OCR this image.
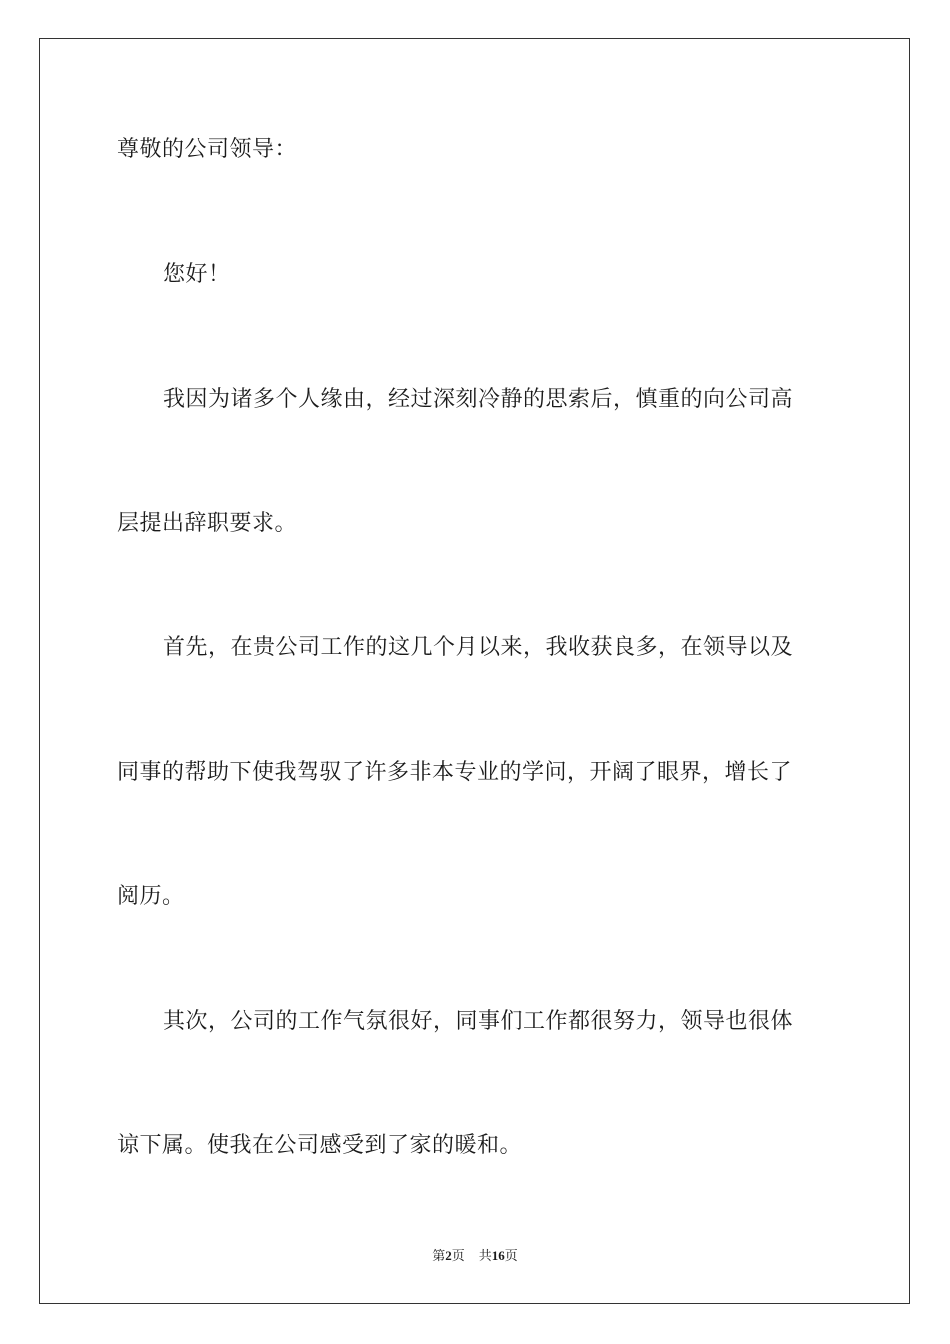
尊敬的公司领导：
您好！
我因为诸多个人缘由，经过深刻冷静的思索后，慎重的向公司高
层提出辞职要求。
首先，在贵公司工作的这几个月以来，我收获良多，在领导以及
同事的帮助下使我驾驭了许多非本专业的学问，开阔了眼界，增长了
阅历。
其次，公司的工作气氛很好，同事们工作都很努力，领导也很体
谅下属。使我在公司感受到了家的暖和。
第2页 共16页
